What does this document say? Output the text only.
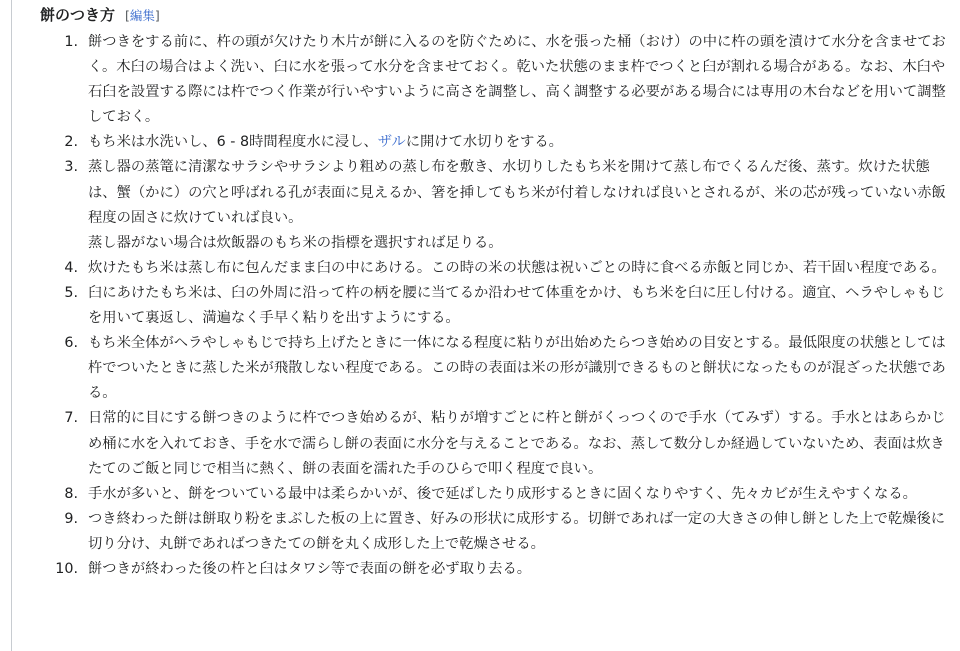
餅のつき方 [編集]
1. 餅つきをする前に、杵の頭が欠けたり木片が餅に入るのを防ぐために、水を張った桶（おけ）の中に杵の頭を漬けて水分を含ませておく。木臼の場合はよく洗い、臼に水を張って水分を含ませておく。乾いた状態のまま杵でつくと臼が割れる場合がある。なお、木臼や石臼を設置する際には杵でつく作業が行いやすいように高さを調整し、高く調整する必要がある場合には専用の木台などを用いて調整しておく。
2. もち米は水洗いし、6 - 8時間程度水に浸し、ザルに開けて水切りをする。
3. 蒸し器の蒸篭に清潔なサラシやサラシより粗めの蒸し布を敷き、水切りしたもち米を開けて蒸し布でくるんだ後、蒸す。炊けた状態は、蟹（かに）の穴と呼ばれる孔が表面に見えるか、箸を挿してもち米が付着しなければ良いとされるが、米の芯が残っていない赤飯程度の固さに炊けていれば良い。
蒸し器がない場合は炊飯器のもち米の指標を選択すれば足りる。
4. 炊けたもち米は蒸し布に包んだまま臼の中にあける。この時の米の状態は祝いごとの時に食べる赤飯と同じか、若干固い程度である。
5. 臼にあけたもち米は、臼の外周に沿って杵の柄を腰に当てるか沿わせて体重をかけ、もち米を臼に圧し付ける。適宜、ヘラやしゃもじを用いて裏返し、満遍なく手早く粘りを出すようにする。
6. もち米全体がヘラやしゃもじで持ち上げたときに一体になる程度に粘りが出始めたらつき始めの目安とする。最低限度の状態としては杵でついたときに蒸した米が飛散しない程度である。この時の表面は米の形が識別できるものと餅状になったものが混ざった状態である。
7. 日常的に目にする餅つきのように杵でつき始めるが、粘りが増すごとに杵と餅がくっつくので手水（てみず）する。手水とはあらかじめ桶に水を入れておき、手を水で濡らし餅の表面に水分を与えることである。なお、蒸して数分しか経過していないため、表面は炊きたてのご飯と同じで相当に熱く、餅の表面を濡れた手のひらで叩く程度で良い。
8. 手水が多いと、餅をついている最中は柔らかいが、後で延ばしたり成形するときに固くなりやすく、先々カビが生えやすくなる。
9. つき終わった餅は餅取り粉をまぶした板の上に置き、好みの形状に成形する。切餅であれば一定の大きさの伸し餅とした上で乾燥後に切り分け、丸餅であればつきたての餅を丸く成形した上で乾燥させる。
10. 餅つきが終わった後の杵と臼はタワシ等で表面の餅を必ず取り去る。
